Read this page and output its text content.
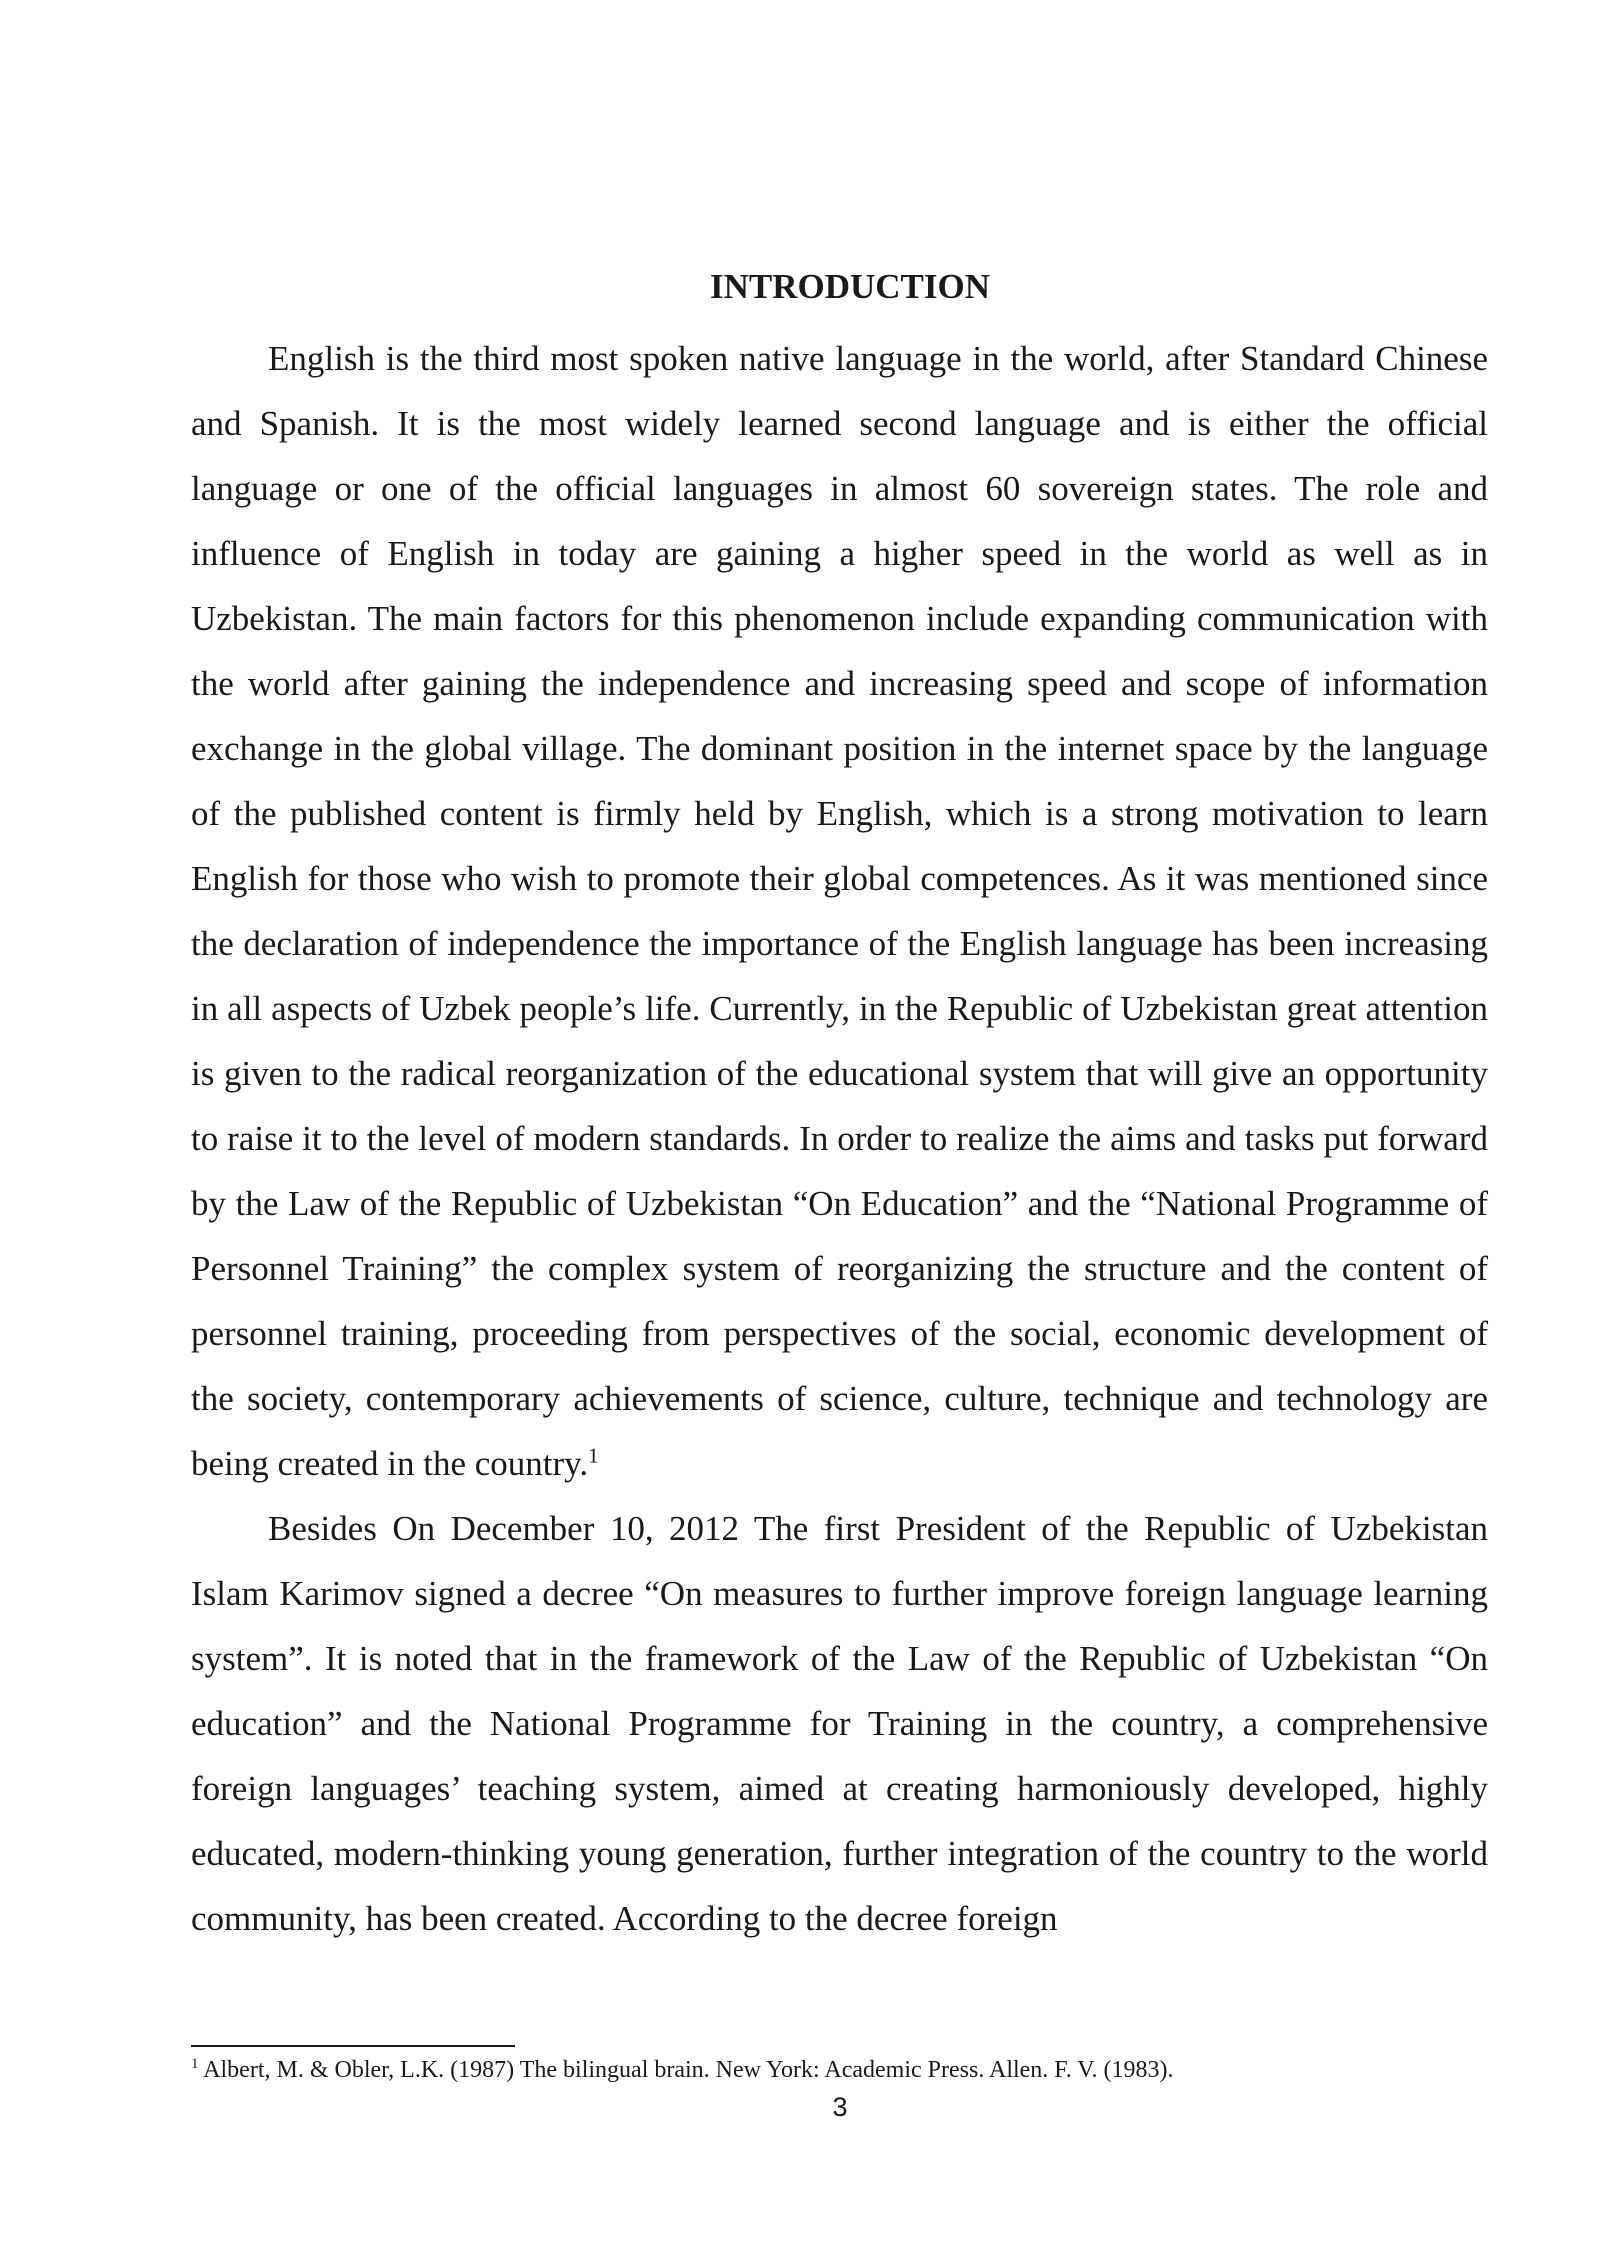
INTRODUCTION

English is the third most spoken native language in the world, after Standard Chinese and Spanish. It is the most widely learned second language and is either the official language or one of the official languages in almost 60 sovereign states. The role and influence of English in today are gaining a higher speed in the world as well as in Uzbekistan. The main factors for this phenomenon include expanding communication with the world after gaining the independence and increasing speed and scope of information exchange in the global village. The dominant position in the internet space by the language of the published content is firmly held by English, which is a strong motivation to learn English for those who wish to promote their global competences. As it was mentioned since the declaration of independence the importance of the English language has been increasing in all aspects of Uzbek people’s life. Currently, in the Republic of Uzbekistan great attention is given to the radical reorganization of the educational system that will give an opportunity to raise it to the level of modern standards. In order to realize the aims and tasks put forward by the Law of the Republic of Uzbekistan “On Education” and the “National Programme of Personnel Training” the complex system of reorganizing the structure and the content of personnel training, proceeding from perspectives of the social, economic development of the society, contemporary achievements of science, culture, technique and technology are being created in the country.$^1$

Besides On December 10, 2012 The first President of the Republic of Uzbekistan Islam Karimov signed a decree “On measures to further improve foreign language learning system”. It is noted that in the framework of the Law of the Republic of Uzbekistan “On education” and the National Programme for Training in the country, a comprehensive foreign languages’ teaching system, aimed at creating harmoniously developed, highly educated, modern-thinking young generation, further integration of the country to the world community, has been created. According to the decree foreign

$^1$ Albert, M. & Obler, L.K. (1987) The bilingual brain. New York: Academic Press. Allen. F. V. (1983).

3
